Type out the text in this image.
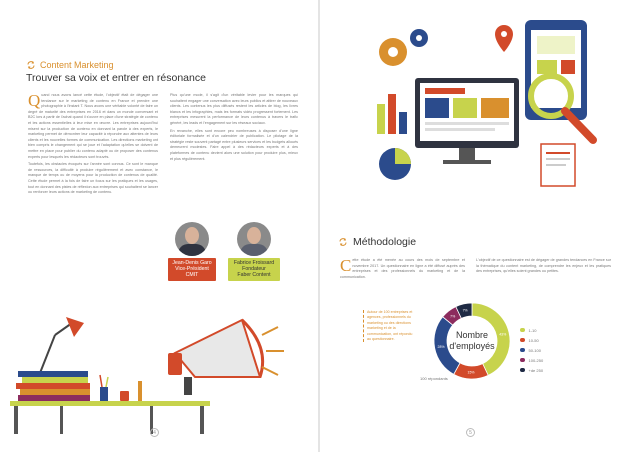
Content Marketing
Trouver sa voix et entrer en résonance

Quand nous avons lancé cette étude, l'objectif était de dégager une tendance sur le marketing de contenu en France et prendre une photographie à l'instant T. Nous avons une véritable volonté de faire un degré de maturité des entreprises en 2016 et dans un monde conversant et B2C lors à partir de l'achat quand il s'ouvre en place d'une stratégie de contenu et les actions essentielles à leur mise en œuvre. Les entreprises aujourd'hui misent sur la production de contenu en donnant la parole à des experts, le marketing permet de démontrer leur capacité à répondre aux attentes de leurs clients et les nouvelles formes de communication. Les directions marketing ont bien compris le changement qui se joue et l'adaptation qu'elles se doivent de mettre en place pour publier du contenu adapté ou de proposer des contenus experts pour lesquels les rédacteurs sont trouvés.

Toutefois, les obstacles évoqués sur l'année sont connus. Ce sont le manque de ressources, la difficulté à produire régulièrement et avec constance, le manque de temps ou de moyens pour la production de contenus de qualité. Cette étude permet à la fois de faire un focus sur les pratiques et les usages, tout en donnant des pistes de réflexion aux entreprises qui souhaitent se lancer ou renforcer leurs actions de marketing de contenu.

Plus qu'une mode, il s'agit d'un véritable levier pour les marques qui souhaitent engager une conversation avec leurs publics et attirer de nouveaux clients. Les contenus les plus diffusés restent les articles de blog, les livres blancs et les infographies, mais les formats vidéo progressent fortement. Les entreprises mesurent la performance de leurs contenus à travers le trafic généré, les leads et l'engagement sur les réseaux sociaux.

En revanche, elles sont encore peu nombreuses à disposer d'une ligne éditoriale formalisée et d'un calendrier de publication. Le pilotage de la stratégie reste souvent partagé entre plusieurs services et les budgets alloués demeurent modestes. Faire appel à des rédacteurs experts et à des plateformes de contenu devient alors une solution pour produire plus, mieux et plus régulièrement.

Jean-Denis Garo
Vice-Président
CMIT
Fabrice Froissard
Fondateur
Faber Content
4
Méthodologie
Cette étude a été menée au cours des mois de septembre et novembre 2017. Un questionnaire en ligne a été diffusé auprès des entreprises et des professionnels du marketing et de la communication.
L'objectif de ce questionnaire est de dégager de grandes tendances en France sur la thématique du content marketing, de comprendre les enjeux et les pratiques des entreprises, qu'elles soient grandes ou petites.
Autour de 100 entreprises et agences, professionnels du marketing ou des directions marketing et de la communication, ont répondu au questionnaire.
43%
15%
28%
7%
7%
Nombre
d'employés
100 répondants
1-10
10-50
50-100
100-250
+de 250
5
